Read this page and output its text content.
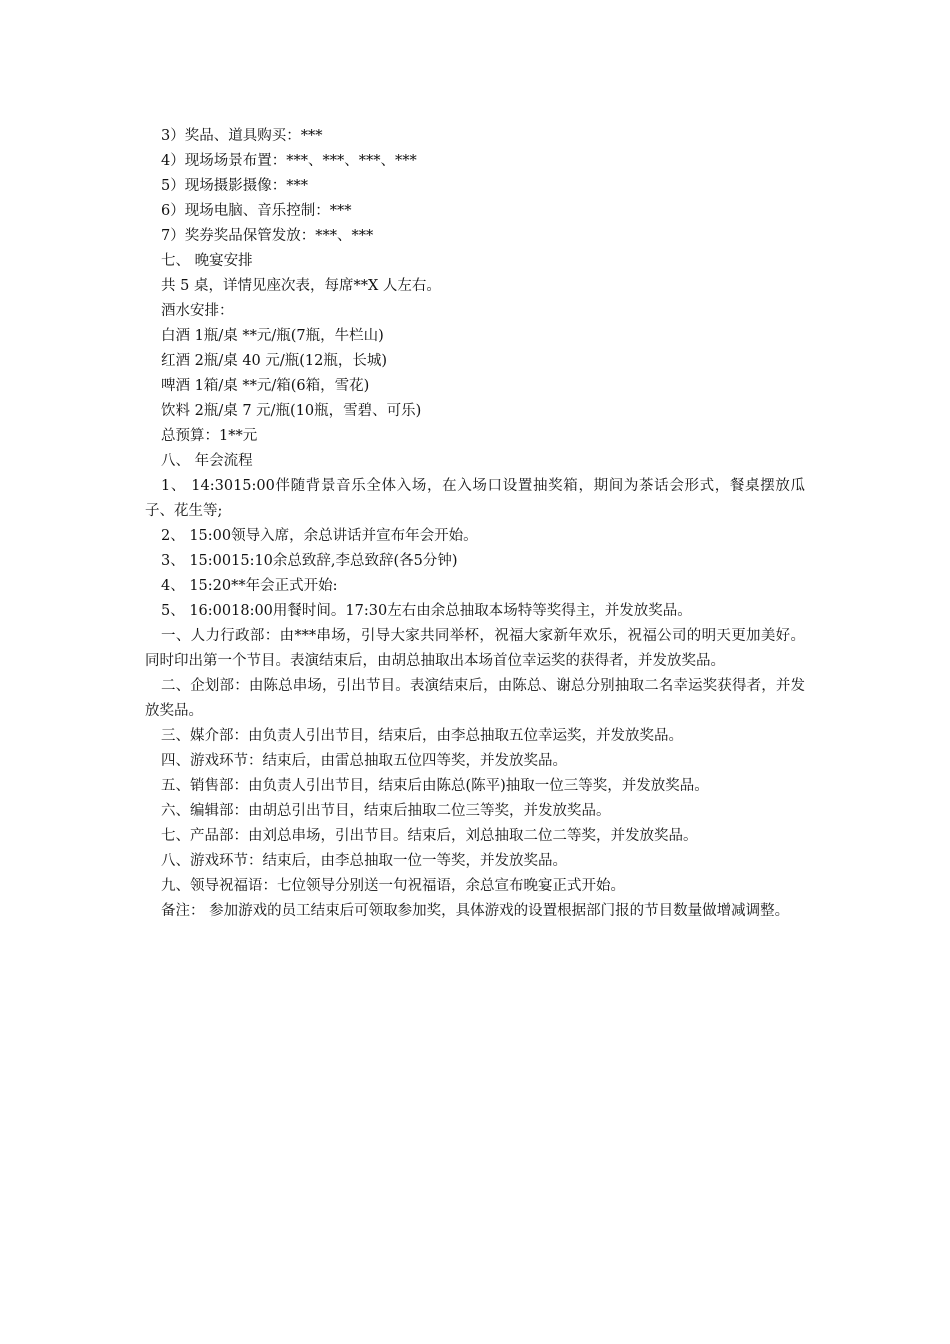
3）奖品、道具购买：***
4）现场场景布置：***、***、***、***
5）现场摄影摄像：***
6）现场电脑、音乐控制：***
7）奖券奖品保管发放：***、***
七、 晚宴安排
共 5 桌，详情见座次表，每席**X 人左右。
酒水安排：
白酒 1瓶/桌 **元/瓶(7瓶，牛栏山)
红酒 2瓶/桌 40 元/瓶(12瓶，长城)
啤酒 1箱/桌 **元/箱(6箱，雪花)
饮料 2瓶/桌 7 元/瓶(10瓶，雪碧、可乐)
总预算：1**元
八、 年会流程

1、 14:3015:00伴随背景音乐全体入场，在入场口设置抽奖箱，期间为茶话会形式，餐桌摆放瓜子、花生等;

2、 15:00领导入席，余总讲话并宣布年会开始。

3、 15:0015:10余总致辞,李总致辞(各5分钟)

4、 15:20**年会正式开始:

5、 16:0018:00用餐时间。17:30左右由余总抽取本场特等奖得主，并发放奖品。

一、人力行政部：由***串场，引导大家共同举杯，祝福大家新年欢乐，祝福公司的明天更加美好。同时印出第一个节目。表演结束后，由胡总抽取出本场首位幸运奖的获得者，并发放奖品。

二、企划部：由陈总串场，引出节目。表演结束后，由陈总、谢总分别抽取二名幸运奖获得者，并发放奖品。

三、媒介部：由负责人引出节目，结束后，由李总抽取五位幸运奖，并发放奖品。

四、游戏环节：结束后，由雷总抽取五位四等奖，并发放奖品。

五、销售部：由负责人引出节目，结束后由陈总(陈平)抽取一位三等奖，并发放奖品。

六、编辑部：由胡总引出节目，结束后抽取二位三等奖，并发放奖品。

七、产品部：由刘总串场，引出节目。结束后，刘总抽取二位二等奖，并发放奖品。

八、游戏环节：结束后，由李总抽取一位一等奖，并发放奖品。

九、领导祝福语：七位领导分别送一句祝福语，余总宣布晚宴正式开始。

备注： 参加游戏的员工结束后可领取参加奖，具体游戏的设置根据部门报的节目数量做增减调整。
